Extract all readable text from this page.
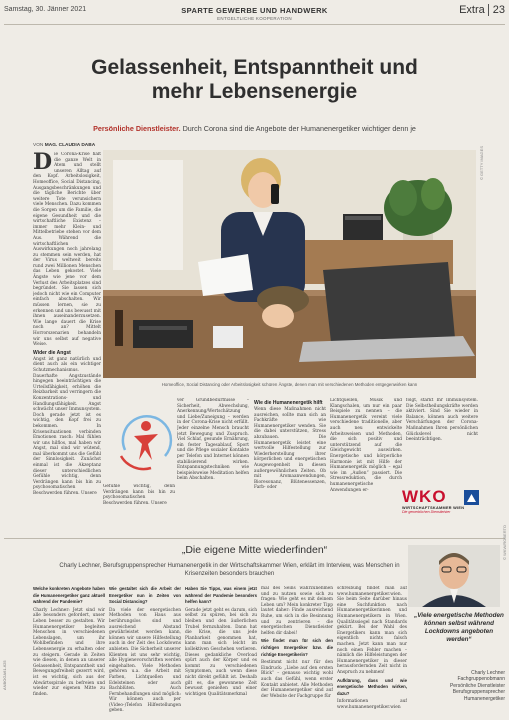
Samstag, 30. Jänner 2021	SPARTE GEWERBE UND HANDWERK
ENTGELTLICHE KOOPERATION
Extra 23
Gelassenheit, Entspanntheit und
mehr Lebensenergie
Persönliche Dienstleister. Durch Corona sind die Angebote der Humanenergetiker wichtiger denn je
VON MAG. CLAUDIA DABA

Die Corona-Krise hält die ganze Welt in Atem und stellt unseren Alltag auf den Kopf. Arbeitslosigkeit, Homeoffice, Social Distancing, Ausgangsbeschränkungen und die tägliche Berichte über weitere Tote verunsichern viele Menschen. Dazu kommen die Sorgen um die Familie, die eigene Gesundheit und die wirtschaftliche Existenz – immer mehr Klein- und Mittelbetriebe stehen vor dem Aus. Während die wirtschaftlichen Auswirkungen noch jahrelang zu stemmen sein werden, hat der Virus weltweit bereits rund zwei Millionen Menschen das Leben gekostet. Viele Ängste wie jene vor dem Verlust des Arbeitsplatzes sind begründet. Sie lassen sich jedoch nicht wie ein Computer einfach abschalten. Wir müssen lernen, sie zu erkennen und uns bewusst mit ihnen auseinanderzusetzen. Wie lange dauert die Krise noch an? Mittelt Horrorszenarien behandeln wir uns selbst auf negative Weise.

Wider die Angst

Angst ist ganz natürlich und dient auch als ein wichtiger Schutzmechanismus. Dauerhafte Angstzustände hingegen beeinträchtigen die Urteilsfähigkeit, erhöhen die Reizbarkeit und verringern die Konzentrations- und Handlungsfähigkeit. Angst schwächt unser Immunsystem. Doch gerade jetzt ist es wichtig, den Kopf frei zu bekommen. In Krisensituationen verbinden Emotionen rasch: Mal fühlen wir uns hilflos, mal haben wir Angst, mal sind wir wütend, mal überkommt uns die Gefühl der Sinnlosigkeit. Zunächst einmal ist die Akzeptanz dieser unterschiedlichen Gefühle wichtig, denn Verdrängen kann bis hin zu psychosomatischen Beschwerden führen. Unsere

© GETTY IMAGES
Homeoffice, Social Distancing oder Arbeitslosigkeit schüren Ängste, denen man mit verschiedenen Methoden entgegenwirken kann

Gefühle wichtig, denn Verdrängen kann bis hin zu psychosomatischen Beschwerden führen. Unsere

ver Grundbedürfnisse – Sicherheit, Abwechslung, Anerkennung/Wertschätzung und Liebe/Zuneigung – werden in der Corona-Krise nicht erfüllt. Jeder einzelne Mensch braucht jetzt Bewegung und Zuspruch. Viel Schlaf, gesunde Ernährung, ein fester Tagesablauf, Sport und die Pflege sozialer Kontakte per Telefon und Internet können stabilisierend wirken. Entspannungstechniken wie beispielsweise Meditation helfen beim Abschalten.

Wie die Humanenergetik hilft

Wenn diese Maßnahmen nicht ausreichen, sollte man sich an Fachkräfte wie Humanenergetiker wenden. Sie die dabei unterstützen, Stress abzubauen. Die Humanenergetik leistet eine wertvolle Hilfestellung zur Wiederherstellung ihrer körperlichen und energetischen Ausgewogenheit in diesen außergewöhnlichen Zeiten. Ob mit Aromaanwendungen, Bioresonanz, Blütenessenzen, Farb- oder

Lichtquellen, Musik und Klangschalen, um nur ein paar Beispiele zu nennen – die Humanenergetik vereint viele verschiedene traditionelle, aber auch neu entwickelte Arbeitsweisen und Methoden, die sich positiv und unterstützend auf die Gleichgewicht auswirken. Energetische und körperliche Harmonie ist mit Hilfe der Humanenergetik möglich – egal wie im „Außen“ passiert. Die Stressreduktion, die durch humanenergetische Anwendungen er-

folgt, stärkt Ihr Immunsystem. Die Selbstheilungskräfte werden aktiviert. Sind Sie wieder in Balance, können auch weitere Verschärfungen der Corona-Maßnahmen Ihren persönlichen Glückslevel nicht beeinträchtigen.

WKO
WIRTSCHAFTSKAMMER WIEN
Die gewerblichen Dienstleister
„Die eigene Mitte wiederfinden“
Charly Lechner, Berufsgruppensprecher Humanenergetik in der Wirtschaftskammer Wien, erklärt im Interview, was Menschen in Krisenzeiten besonders brauchen

Welche konkreten Angebote haben die Humanenergetiker ganz aktuell während der Pandemie?

Charly Lechner: Jetzt sind wir alle besonders gefordert, unser Leben besser zu gestalten. Wir Humanenergetiker begleiten Menschen in verschiedenen Lebenslagen, um ihr Wohlbefinden und ihre Lebensenergie zu erhalten oder zu steigern. Gerade in Zeiten wie diesen, in denen an unserer Gelassenheit, Entspanntheit und Bewegungsfreiheit gezerrt wird, ist es wichtig, sich aus der Abwärtsspirale zu befreien und wieder zur eigenen Mitte zu finden.

Wie gestaltet sich die Arbeit der Energetiker nun in Zeiten von Social Distancing?

Da viele der energetischen Methoden von Haus aus berührungslos sind und ausreichend Abstand gewährleistet werden kann, können wir unsere Hilfestellung auch in der Zeit des Lockdowns anbieten. Die Sicherheit unserer Klienten ist uns sehr wichtig, alle Hygienevorschriften werden eingehalten. Viele Methoden gehören u.a. die Arbeit mit Farben, Lichtquellen und Edelsteinen oder auch Bachblüten. Auch Fernbehandlungen sind möglich: Wir können auch per (Video-)Telefon Hilfestellungen geben.

Haben Sie Tipps, was einem jetzt während der Pandemie besonders helfen kann?

Gerade jetzt geht es darum, sich selbst zu spüren, bei sich zu bleiben und den äußerlichen Trubel fernzuhalten. Dann hat die Krise, die uns jede Planbarkeit genommen hat, kann man sich leicht im kollektiven Geschehen verlieren. Dieses gedankliche Overload spürt auch der Körper und es kommt zu verschiedenen Symptomen, auch wenn diese nicht direkt gefühlt ist. Deshalb gilt es, die gewonnene Zeit bewusst genießen und einer wichtigen Qualitätsmerkmal

mal des Seins wahrzunehmen und zu nutzen sowie sich zu fragen: Wie geht es mit deinem Leben um? Mein konkreter Tipp lautet daher: Finde ausreichend Ruhe, um sich in die Besinnung und zu zentrieren – die energetischen Dienstleister helfen dir dabei!

Wie findet man für sich den richtigen Energetiker bzw. die richtige Energetikerin?

Bestimmt nicht nur für den Eindruck: „Liebe auf den ersten Blick“ – genauso wichtig wohl auch das Gefühl, wenn erster Kontakt anbietet. Alle Methoden der Humanenergetiker sind auf der Website der Fachgruppe für

schreibung findet man auf www.humanenergetiker.wien. Sie beim Seite darüber hinaus eine Suchfunktion nach Humanenergetikerinnen und Humanenergetikern in Wien. Qualitätssiegel nach Standards gekürt. Bei der Wahl des Energetikers kann man sich eigentlich nichts falsch machen. Jetzt kann man nur noch einen Fehler machen – nämlich die Hilfeleistungen der Humanenergetiker in dieser herausfordernden Zeit nicht in Anspruch zu nehmen!

Aufklärung, dass und wie energetische Methoden wirken, dazu?

Informationen auf www.humanenergetiker.wien

© WKW/ROBERTO
„Viele energetische Methoden können selbst während Lockdowns angeboten werden“
Charly Lechner
Fachgruppenobmann
Persönliche Dienstleister
Berufsgruppensprecher
Humanenergetiker
ANBOGA61-625
